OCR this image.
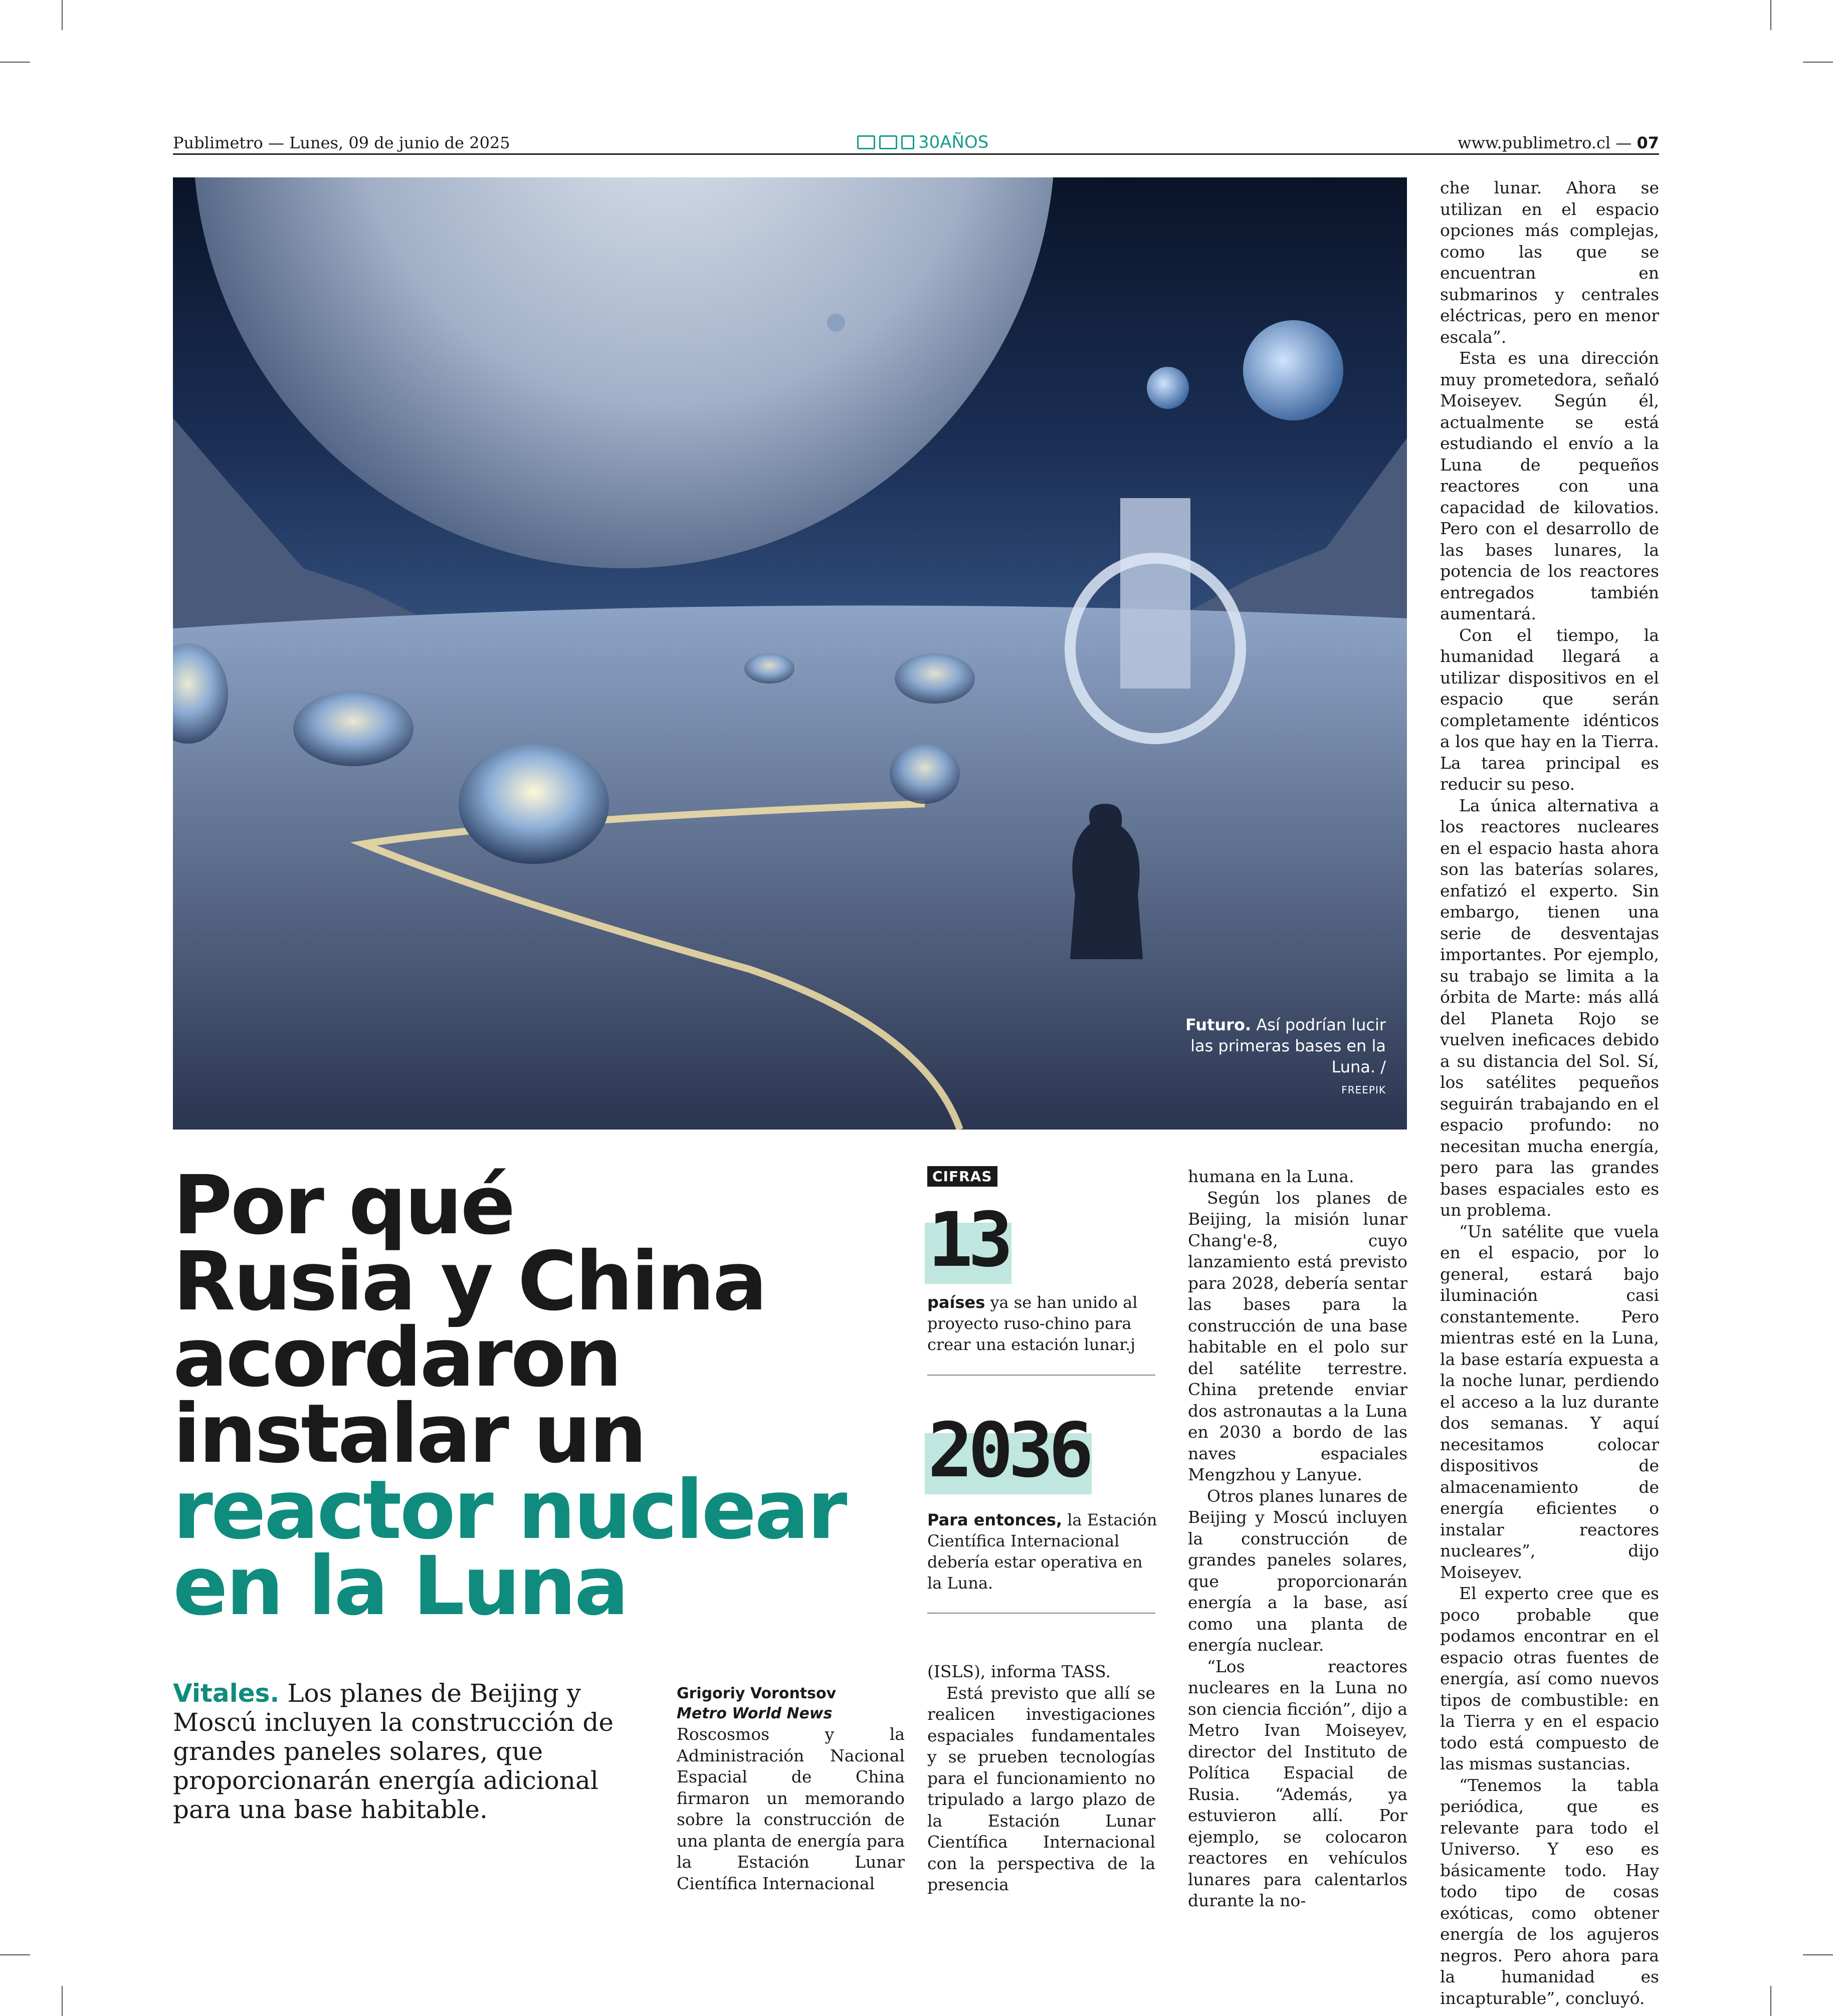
Publimetro — Lunes, 09 de junio de 2025	30AÑOS	www.publimetro.cl — 07
Futuro. Así podrían lucir las primeras bases en la Luna. /
FREEPIK
Por qué
Rusia y China
acordaron
instalar un
reactor nuclear
en la Luna
Vitales. Los planes de Beijing y Moscú incluyen la construcción de grandes paneles solares, que proporcionarán energía adicional para una base habitable.
Grigoriy Vorontsov
Metro World News

Roscosmos y la Administración Nacional Espacial de China firmaron un memorando sobre la construcción de una planta de energía para la Estación Lunar Científica Internacional

CIFRAS
13
países ya se han unido al proyecto ruso-chino para crear una estación lunar.j
2036
Para entonces, la Estación Científica Internacional debería estar operativa en la Luna.

(ISLS), informa TASS.

Está previsto que allí se realicen investigaciones espaciales fundamentales y se prueben tecnologías para el funcionamiento no tripulado a largo plazo de la Estación Lunar Científica Internacional con la perspectiva de la presencia

humana en la Luna.

Según los planes de Beijing, la misión lunar Chang'e-8, cuyo lanzamiento está previsto para 2028, debería sentar las bases para la construcción de una base habitable en el polo sur del satélite terrestre. China pretende enviar dos astronautas a la Luna en 2030 a bordo de las naves espaciales Mengzhou y Lanyue.

Otros planes lunares de Beijing y Moscú incluyen la construcción de grandes paneles solares, que proporcionarán energía a la base, así como una planta de energía nuclear.

“Los reactores nucleares en la Luna no son ciencia ficción”, dijo a Metro Ivan Moiseyev, director del Instituto de Política Espacial de Rusia. “Además, ya estuvieron allí. Por ejemplo, se colocaron reactores en vehículos lunares para calentarlos durante la no-

che lunar. Ahora se utilizan en el espacio opciones más complejas, como las que se encuentran en submarinos y centrales eléctricas, pero en menor escala”.

Esta es una dirección muy prometedora, señaló Moiseyev. Según él, actualmente se está estudiando el envío a la Luna de pequeños reactores con una capacidad de kilovatios. Pero con el desarrollo de las bases lunares, la potencia de los reactores entregados también aumentará.

Con el tiempo, la humanidad llegará a utilizar dispositivos en el espacio que serán completamente idénticos a los que hay en la Tierra. La tarea principal es reducir su peso.

La única alternativa a los reactores nucleares en el espacio hasta ahora son las baterías solares, enfatizó el experto. Sin embargo, tienen una serie de desventajas importantes. Por ejemplo, su trabajo se limita a la órbita de Marte: más allá del Planeta Rojo se vuelven ineficaces debido a su distancia del Sol. Sí, los satélites pequeños seguirán trabajando en el espacio profundo: no necesitan mucha energía, pero para las grandes bases espaciales esto es un problema.

“Un satélite que vuela en el espacio, por lo general, estará bajo iluminación casi constantemente. Pero mientras esté en la Luna, la base estaría expuesta a la noche lunar, perdiendo el acceso a la luz durante dos semanas. Y aquí necesitamos colocar dispositivos de almacenamiento de energía eficientes o instalar reactores nucleares”, dijo Moiseyev.

El experto cree que es poco probable que podamos encontrar en el espacio otras fuentes de energía, así como nuevos tipos de combustible: en la Tierra y en el espacio todo está compuesto de las mismas sustancias.

“Tenemos la tabla periódica, que es relevante para todo el Universo. Y eso es básicamente todo. Hay todo tipo de cosas exóticas, como obtener energía de los agujeros negros. Pero ahora para la humanidad es incapturable”, concluyó.
